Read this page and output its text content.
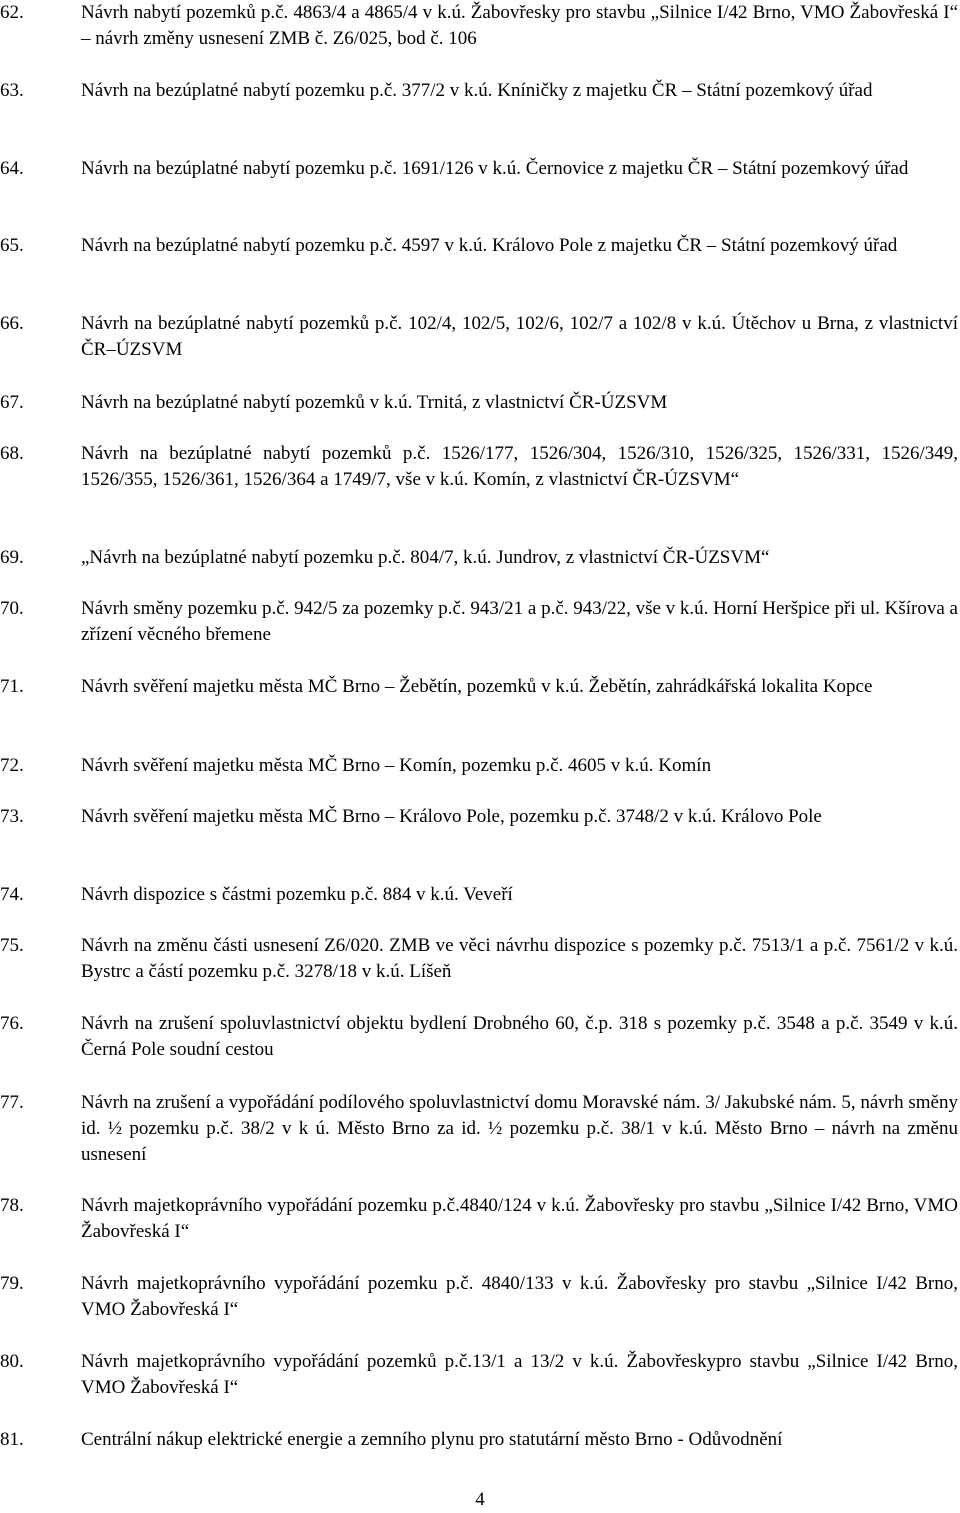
62.	Návrh nabytí pozemků p.č. 4863/4 a 4865/4 v k.ú. Žabovřesky pro stavbu „Silnice I/42 Brno, VMO Žabovřeská I“ – návrh změny usnesení ZMB č. Z6/025, bod č. 106
63.	Návrh na bezúplatné nabytí pozemku p.č. 377/2 v k.ú. Kníničky z majetku ČR – Státní pozemkový úřad
64.	Návrh na bezúplatné nabytí pozemku p.č. 1691/126 v k.ú. Černovice z majetku ČR – Státní pozemkový úřad
65.	Návrh na bezúplatné nabytí pozemku p.č. 4597 v k.ú. Královo Pole z majetku ČR – Státní pozemkový úřad
66.	Návrh na bezúplatné nabytí pozemků p.č. 102/4, 102/5, 102/6, 102/7 a 102/8 v k.ú. Útěchov u Brna, z vlastnictví ČR–ÚZSVM
67.	Návrh na bezúplatné nabytí pozemků v k.ú. Trnitá, z vlastnictví ČR-ÚZSVM
68.	Návrh na bezúplatné nabytí pozemků p.č. 1526/177, 1526/304, 1526/310, 1526/325, 1526/331, 1526/349, 1526/355, 1526/361, 1526/364 a 1749/7, vše v k.ú. Komín, z vlastnictví ČR-ÚZSVM“
69.	„Návrh na bezúplatné nabytí pozemku p.č. 804/7, k.ú. Jundrov, z vlastnictví ČR-ÚZSVM“
70.	Návrh směny pozemku p.č. 942/5 za pozemky p.č. 943/21 a p.č. 943/22, vše v k.ú. Horní Heršpice při ul. Kšírova a zřízení věcného břemene
71.	Návrh svěření majetku města MČ Brno – Žebětín, pozemků v k.ú. Žebětín, zahrádkářská lokalita Kopce
72.	Návrh svěření majetku města MČ Brno – Komín, pozemku p.č. 4605 v k.ú. Komín
73.	Návrh svěření majetku města MČ Brno – Královo Pole, pozemku p.č. 3748/2 v k.ú. Královo Pole
74.	Návrh dispozice s částmi pozemku p.č. 884 v k.ú. Veveří
75.	Návrh na změnu části usnesení Z6/020. ZMB ve věci návrhu dispozice s pozemky p.č. 7513/1 a p.č. 7561/2 v k.ú. Bystrc a částí pozemku p.č. 3278/18 v k.ú. Líšeň
76.	Návrh na zrušení spoluvlastnictví objektu bydlení Drobného 60, č.p. 318 s pozemky p.č. 3548 a p.č. 3549 v k.ú. Černá Pole soudní cestou
77.	Návrh na zrušení a vypořádání podílového spoluvlastnictví domu Moravské nám. 3/ Jakubské nám. 5, návrh směny id. ½ pozemku p.č. 38/2 v k ú. Město Brno za id. ½ pozemku p.č. 38/1 v k.ú. Město Brno – návrh na změnu usnesení
78.	Návrh majetkoprávního vypořádání pozemku p.č.4840/124 v k.ú. Žabovřesky pro stavbu „Silnice I/42 Brno, VMO Žabovřeská I“
79.	Návrh majetkoprávního vypořádání pozemku p.č. 4840/133 v k.ú. Žabovřesky pro stavbu „Silnice I/42 Brno, VMO Žabovřeská I“
80.	Návrh majetkoprávního vypořádání pozemků p.č.13/1 a 13/2 v k.ú. Žabovřeskypro stavbu „Silnice I/42 Brno, VMO Žabovřeská I“
81.	Centrální nákup elektrické energie a zemního plynu pro statutární město Brno - Odůvodnění
4
